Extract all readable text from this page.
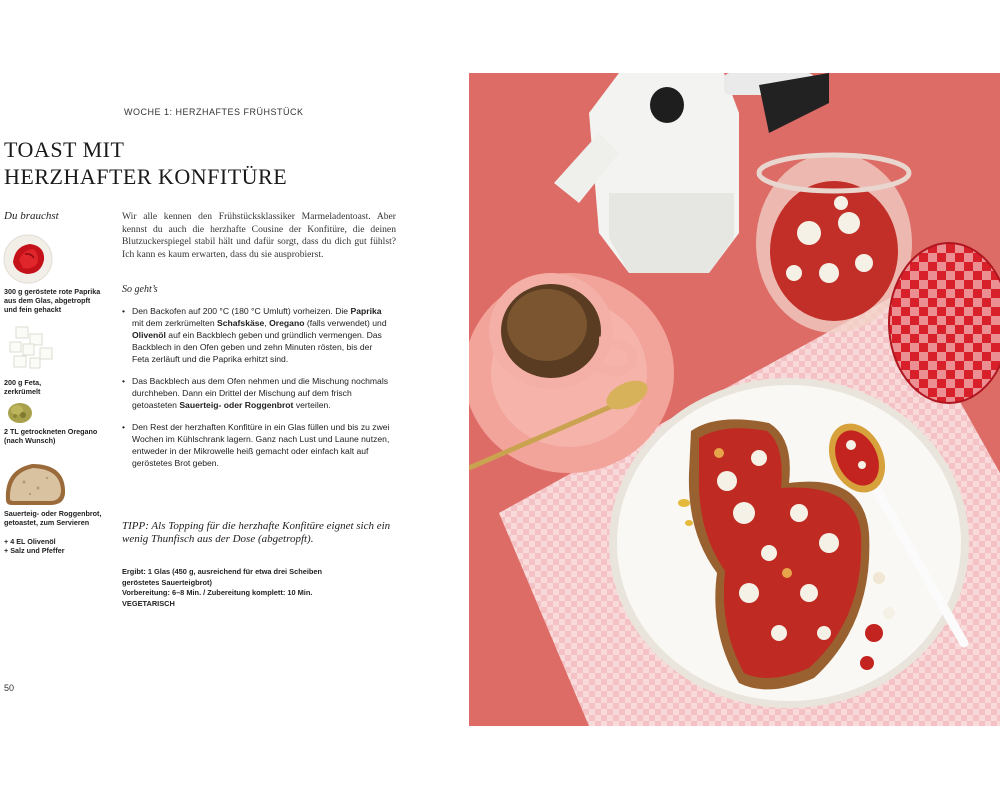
WOCHE 1: HERZHAFTES FRÜHSTÜCK
TOAST MIT
HERZHAFTER KONFITÜRE
Du brauchst
300 g geröstete rote Paprika
aus dem Glas, abgetropft
und fein gehackt
200 g Feta,
zerkrümelt
2 TL getrockneten Oregano
(nach Wunsch)
Sauerteig- oder Roggenbrot,
getoastet, zum Servieren
+ 4 EL Olivenöl
+ Salz und Pfeffer
Wir alle kennen den Frühstücksklassiker Marmeladentoast. Aber kennst du auch die herzhafte Cousine der Konfitüre, die deinen Blutzuckerspiegel stabil hält und dafür sorgt, dass du dich gut fühlst? Ich kann es kaum erwarten, dass du sie ausprobierst.
So geht’s
• Den Backofen auf 200 °C (180 °C Umluft) vorheizen. Die Paprika mit dem zerkrümelten Schafskäse, Oregano (falls verwendet) und Olivenöl auf ein Backblech geben und gründlich vermengen. Das Backblech in den Ofen geben und zehn Minuten rösten, bis der Feta zerläuft und die Paprika erhitzt sind.
• Das Backblech aus dem Ofen nehmen und die Mischung nochmals durchheben. Dann ein Drittel der Mischung auf dem frisch getoasteten Sauerteig- oder Roggenbrot verteilen.
• Den Rest der herzhaften Konfitüre in ein Glas füllen und bis zu zwei Wochen im Kühlschrank lagern. Ganz nach Lust und Laune nutzen, entweder in der Mikrowelle heiß gemacht oder einfach kalt auf geröstetes Brot geben.
TIPP: Als Topping für die herzhafte Konfitüre eignet sich ein wenig Thunfisch aus der Dose (abgetropft).
Ergibt: 1 Glas (450 g, ausreichend für etwa drei Scheiben
geröstetes Sauerteigbrot)
Vorbereitung: 6–8 Min. / Zubereitung komplett: 10 Min.
VEGETARISCH
50
